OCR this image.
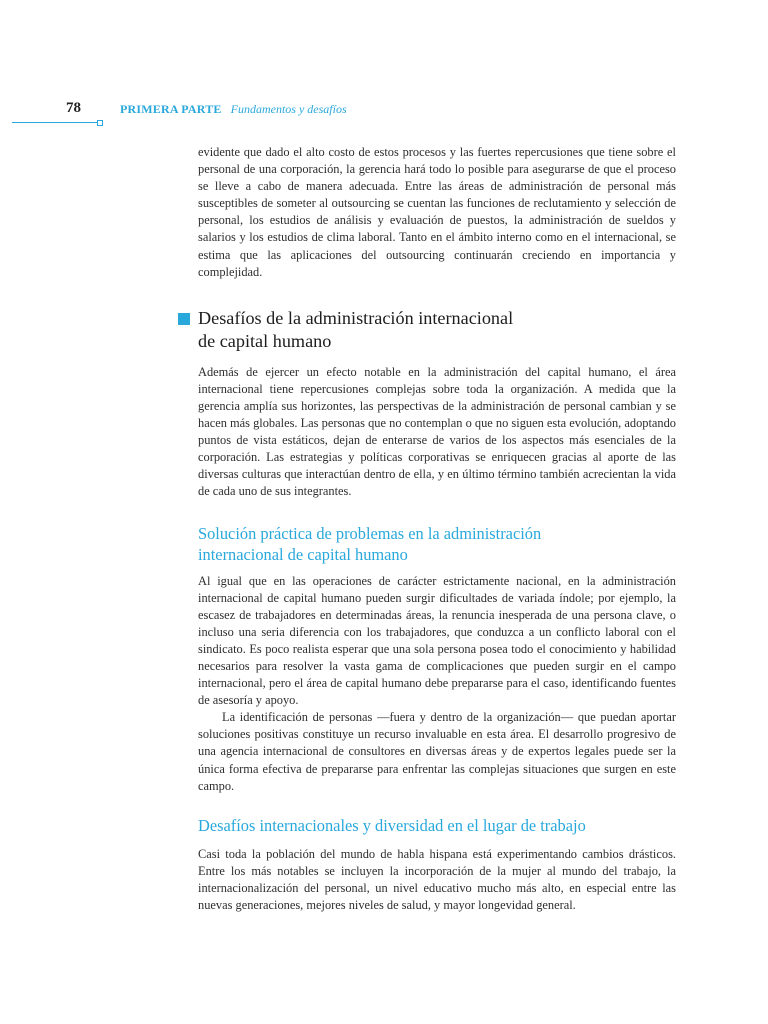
78	PRIMERA PARTE Fundamentos y desafíos

evidente que dado el alto costo de estos procesos y las fuertes repercusiones que tiene sobre el personal de una corporación, la gerencia hará todo lo posible para asegurarse de que el proceso se lleve a cabo de manera adecuada. Entre las áreas de administración de personal más susceptibles de someter al outsourcing se cuentan las funciones de reclutamiento y selección de personal, los estudios de análisis y evaluación de puestos, la administración de sueldos y salarios y los estudios de clima laboral. Tanto en el ámbito interno como en el internacional, se estima que las aplicaciones del outsourcing continuarán creciendo en importancia y complejidad.

Desafíos de la administración internacional
de capital humano

Además de ejercer un efecto notable en la administración del capital humano, el área internacional tiene repercusiones complejas sobre toda la organización. A medida que la gerencia amplía sus horizontes, las perspectivas de la administración de personal cambian y se hacen más globales. Las personas que no contemplan o que no siguen esta evolución, adoptando puntos de vista estáticos, dejan de enterarse de varios de los aspectos más esenciales de la corporación. Las estrategias y políticas corporativas se enriquecen gracias al aporte de las diversas culturas que interactúan dentro de ella, y en último término también acrecientan la vida de cada uno de sus integrantes.

Solución práctica de problemas en la administración
internacional de capital humano

Al igual que en las operaciones de carácter estrictamente nacional, en la administración internacional de capital humano pueden surgir dificultades de variada índole; por ejemplo, la escasez de trabajadores en determinadas áreas, la renuncia inesperada de una persona clave, o incluso una seria diferencia con los trabajadores, que conduzca a un conflicto laboral con el sindicato. Es poco realista esperar que una sola persona posea todo el conocimiento y habilidad necesarios para resolver la vasta gama de complicaciones que pueden surgir en el campo internacional, pero el área de capital humano debe prepararse para el caso, identificando fuentes de asesoría y apoyo.

La identificación de personas —fuera y dentro de la organización— que puedan aportar soluciones positivas constituye un recurso invaluable en esta área. El desarrollo progresivo de una agencia internacional de consultores en diversas áreas y de expertos legales puede ser la única forma efectiva de prepararse para enfrentar las complejas situaciones que surgen en este campo.

Desafíos internacionales y diversidad en el lugar de trabajo

Casi toda la población del mundo de habla hispana está experimentando cambios drásticos. Entre los más notables se incluyen la incorporación de la mujer al mundo del trabajo, la internacionalización del personal, un nivel educativo mucho más alto, en especial entre las nuevas generaciones, mejores niveles de salud, y mayor longevidad general.
